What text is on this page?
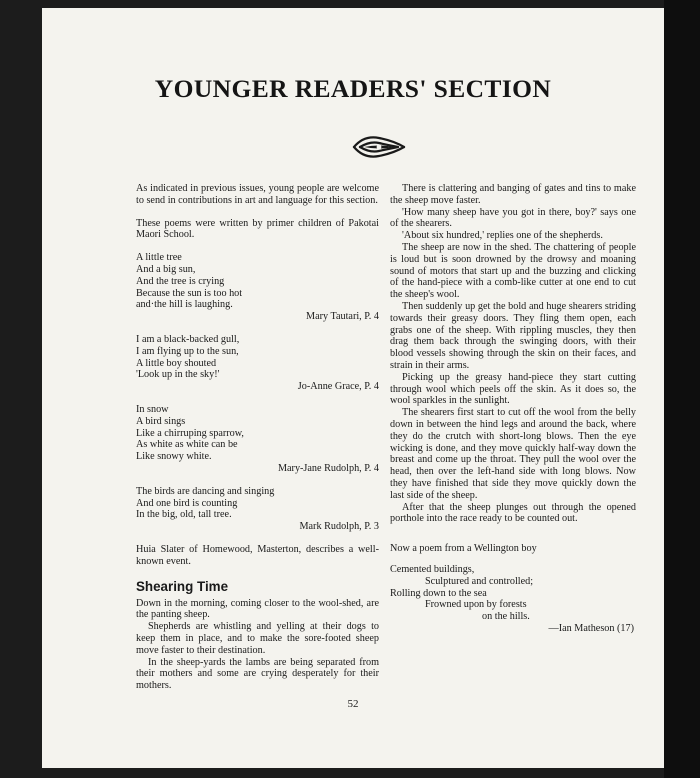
YOUNGER READERS' SECTION

As indicated in previous issues, young people are welcome to send in contributions in art and language for this section.

These poems were written by primer children of Pakotai Maori School.

A little tree

And a big sun,

And the tree is crying

Because the sun is too hot

and·the hill is laughing.

Mary Tautari, P. 4

I am a black-backed gull,

I am flying up to the sun,

A little boy shouted

'Look up in the sky!'

Jo-Anne Grace, P. 4

In snow

A bird sings

Like a chirruping sparrow,

As white as white can be

Like snowy white.

Mary-Jane Rudolph, P. 4

The birds are dancing and singing

And one bird is counting

In the big, old, tall tree.

Mark Rudolph, P. 3

Huia Slater of Homewood, Masterton, describes a well-known event.

Shearing Time

Down in the morning, coming closer to the wool-shed, are the panting sheep.

Shepherds are whistling and yelling at their dogs to keep them in place, and to make the sore-footed sheep move faster to their destination.

In the sheep-yards the lambs are being separated from their mothers and some are crying desperately for their mothers.

There is clattering and banging of gates and tins to make the sheep move faster.

'How many sheep have you got in there, boy?' says one of the shearers.

'About six hundred,' replies one of the shepherds.

The sheep are now in the shed. The chattering of people is loud but is soon drowned by the drowsy and moaning sound of motors that start up and the buzzing and clicking of the hand-piece with a comb-like cutter at one end to cut the sheep's wool.

Then suddenly up get the bold and huge shearers striding towards their greasy doors. They fling them open, each grabs one of the sheep. With rippling muscles, they then drag them back through the swinging doors, with their blood vessels showing through the skin on their faces, and strain in their arms.

Picking up the greasy hand-piece they start cutting through wool which peels off the skin. As it does so, the wool sparkles in the sunlight.

The shearers first start to cut off the wool from the belly down in between the hind legs and around the back, where they do the crutch with short-long blows. Then the eye wicking is done, and they move quickly half-way down the breast and come up the throat. They pull the wool over the head, then over the left-hand side with long blows. Now they have finished that side they move quickly down the last side of the sheep.

After that the sheep plunges out through the opened porthole into the race ready to be counted out.

Now a poem from a Wellington boy

Cemented buildings,

Sculptured and controlled;

Rolling down to the sea

Frowned upon by forests

on the hills.

—Ian Matheson (17)

52
